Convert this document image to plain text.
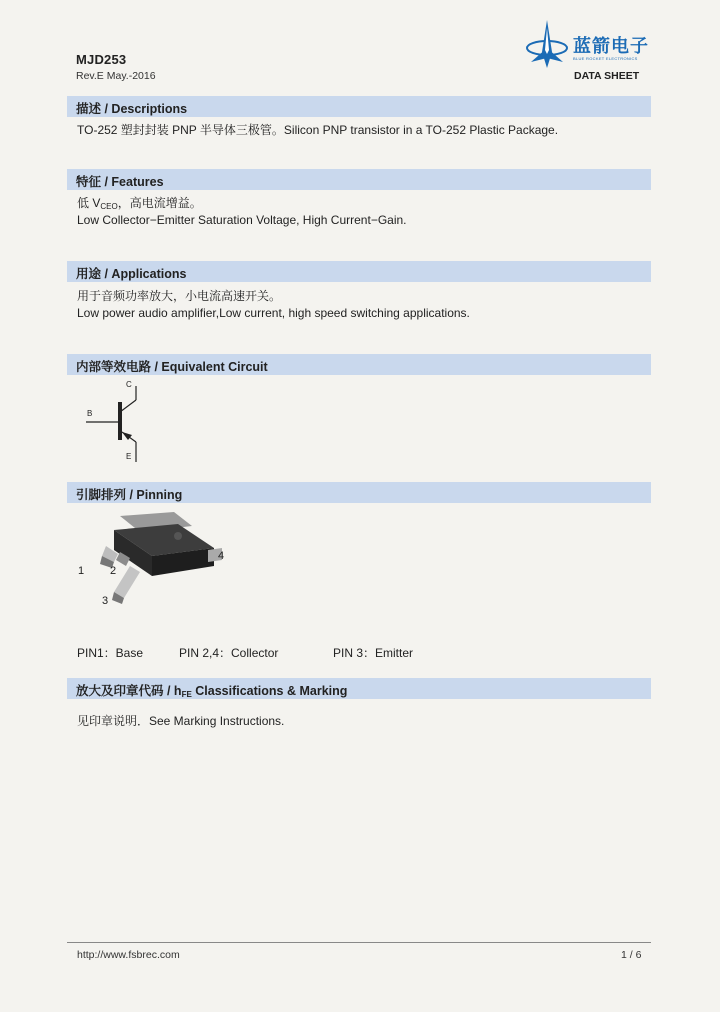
MJD253
Rev.E May.-2016
蓝箭电子
BLUE ROCKET ELECTRONICS
DATA SHEET
描述 / Descriptions
TO-252 塑封封装 PNP 半导体三极管。Silicon PNP transistor in a TO-252 Plastic Package.
特征 / Features
低 $V_{CEO}$，高电流增益。
Low Collector−Emitter Saturation Voltage, High Current−Gain.
用途 / Applications
用于音频功率放大，小电流高速开关。
Low power audio amplifier,Low current, high speed switching applications.
内部等效电路 / Equivalent Circuit
C
B
E
引脚排列 / Pinning
1 2
3
4
PIN1：Base	PIN 2,4：Collector	PIN 3：Emitter
放大及印章代码 / $h_{FE}$ Classifications & Marking
见印章说明．See Marking Instructions.
http://www.fsbrec.com	1 / 6
